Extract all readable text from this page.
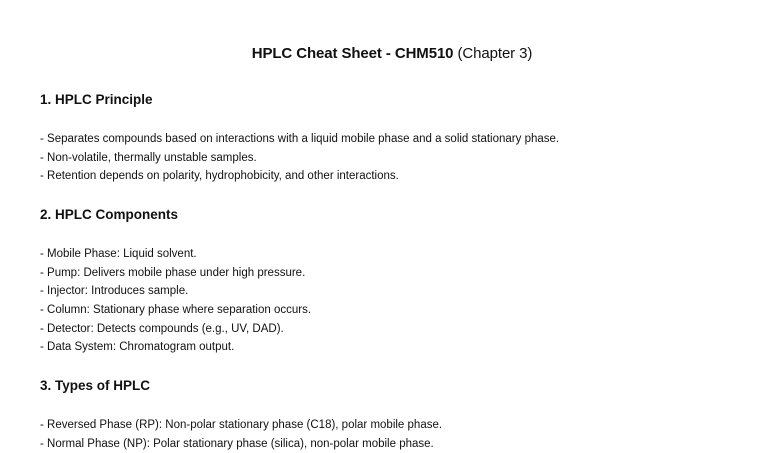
HPLC Cheat Sheet - CHM510 (Chapter 3)
1. HPLC Principle
- Separates compounds based on interactions with a liquid mobile phase and a solid stationary phase.
- Non-volatile, thermally unstable samples.
- Retention depends on polarity, hydrophobicity, and other interactions.
2. HPLC Components
- Mobile Phase: Liquid solvent.
- Pump: Delivers mobile phase under high pressure.
- Injector: Introduces sample.
- Column: Stationary phase where separation occurs.
- Detector: Detects compounds (e.g., UV, DAD).
- Data System: Chromatogram output.
3. Types of HPLC
- Reversed Phase (RP): Non-polar stationary phase (C18), polar mobile phase.
- Normal Phase (NP): Polar stationary phase (silica), non-polar mobile phase.
